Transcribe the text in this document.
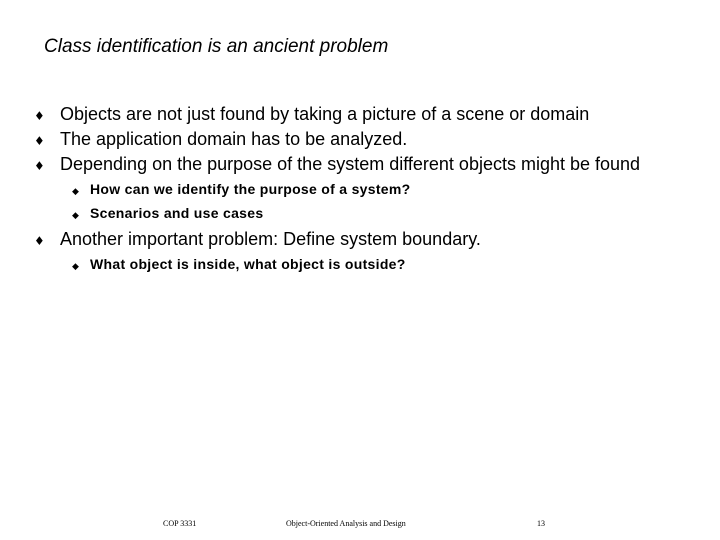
Class identification is an ancient problem
♦ Objects are not just found by taking a picture of a scene or domain
♦ The application domain has to be analyzed.
♦ Depending on the purpose of the system different objects might be found
◆ How can we identify the purpose of a system?
◆ Scenarios and use cases
♦ Another important problem: Define system boundary.
◆ What object is inside, what object is outside?
COP 3331	Object-Oriented Analysis and Design	13
